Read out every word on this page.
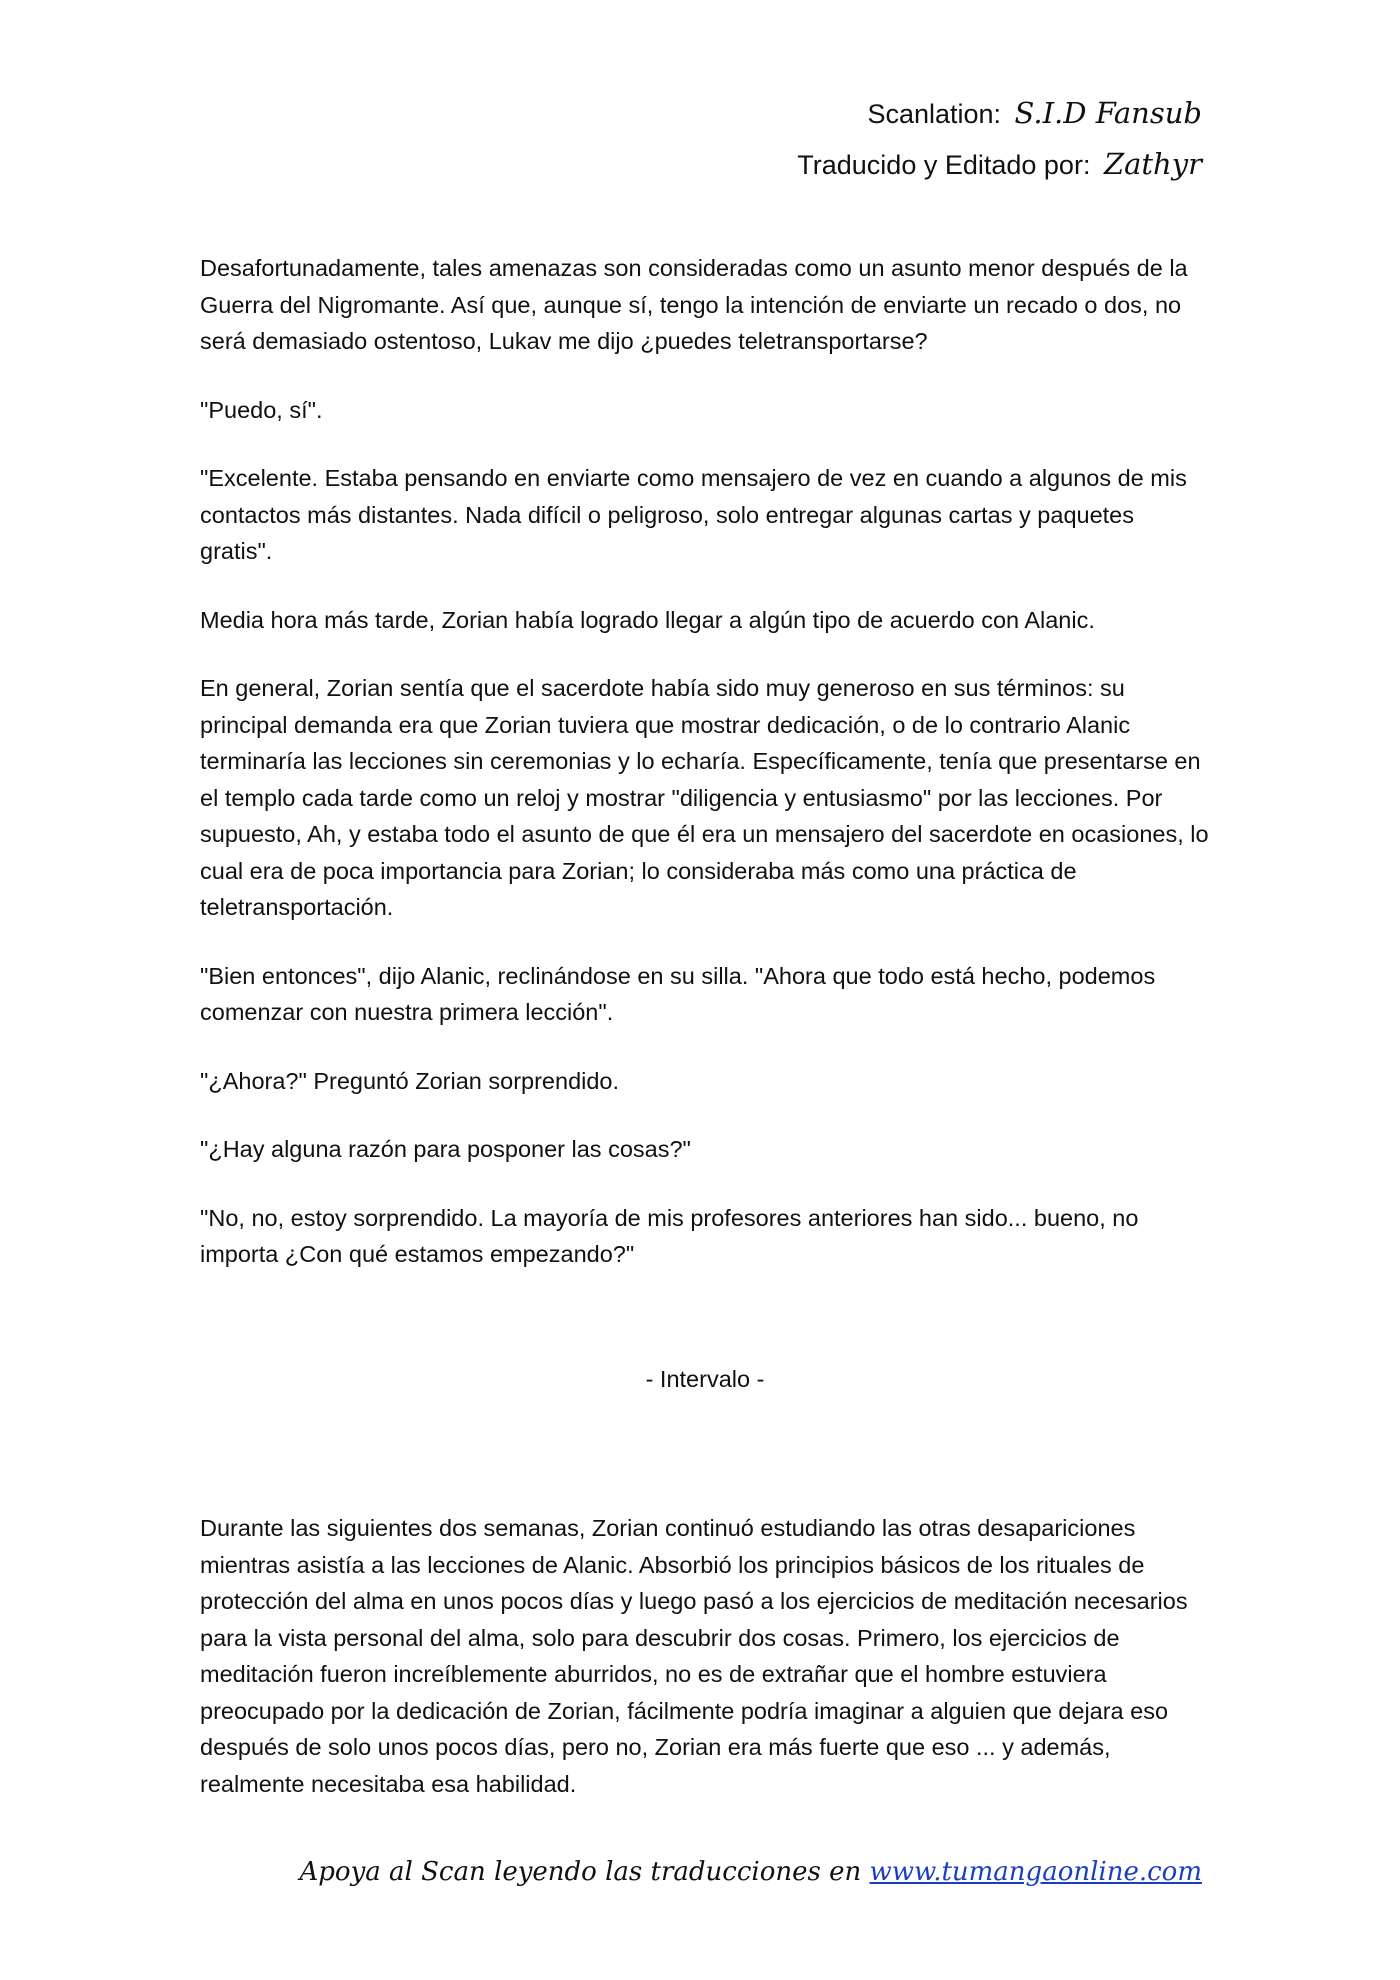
Scanlation: S.I.D Fansub
Traducido y Editado por: Zathyr

Desafortunadamente, tales amenazas son consideradas como un asunto menor después de la Guerra del Nigromante. Así que, aunque sí, tengo la intención de enviarte un recado o dos, no será demasiado ostentoso, Lukav me dijo ¿puedes teletransportarse?

"Puedo, sí".

"Excelente. Estaba pensando en enviarte como mensajero de vez en cuando a algunos de mis contactos más distantes. Nada difícil o peligroso, solo entregar algunas cartas y paquetes gratis".

Media hora más tarde, Zorian había logrado llegar a algún tipo de acuerdo con Alanic.

En general, Zorian sentía que el sacerdote había sido muy generoso en sus términos: su principal demanda era que Zorian tuviera que mostrar dedicación, o de lo contrario Alanic terminaría las lecciones sin ceremonias y lo echaría. Específicamente, tenía que presentarse en el templo cada tarde como un reloj y mostrar "diligencia y entusiasmo" por las lecciones. Por supuesto, Ah, y estaba todo el asunto de que él era un mensajero del sacerdote en ocasiones, lo cual era de poca importancia para Zorian; lo consideraba más como una práctica de teletransportación.

"Bien entonces", dijo Alanic, reclinándose en su silla. "Ahora que todo está hecho, podemos comenzar con nuestra primera lección".

"¿Ahora?" Preguntó Zorian sorprendido.

"¿Hay alguna razón para posponer las cosas?"

"No, no, estoy sorprendido. La mayoría de mis profesores anteriores han sido... bueno, no importa ¿Con qué estamos empezando?"

- Intervalo -

Durante las siguientes dos semanas, Zorian continuó estudiando las otras desapariciones mientras asistía a las lecciones de Alanic. Absorbió los principios básicos de los rituales de protección del alma en unos pocos días y luego pasó a los ejercicios de meditación necesarios para la vista personal del alma, solo para descubrir dos cosas. Primero, los ejercicios de meditación fueron increíblemente aburridos, no es de extrañar que el hombre estuviera preocupado por la dedicación de Zorian, fácilmente podría imaginar a alguien que dejara eso después de solo unos pocos días, pero no, Zorian era más fuerte que eso ... y además, realmente necesitaba esa habilidad.

Apoya al Scan leyendo las traducciones en www.tumangaonline.com
